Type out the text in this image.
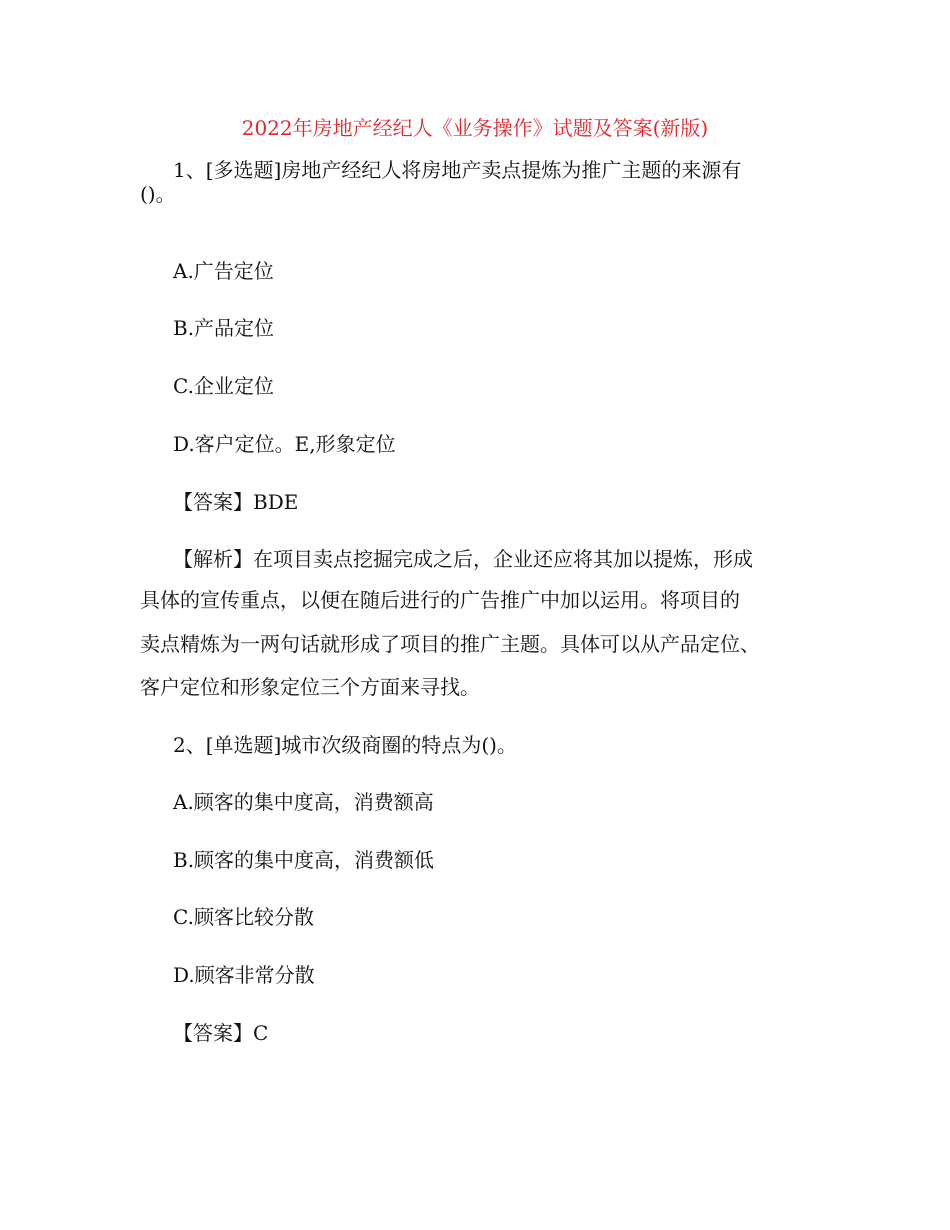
2022年房地产经纪人《业务操作》试题及答案(新版)
1、[多选题]房地产经纪人将房地产卖点提炼为推广主题的来源有
()。
A.广告定位
B.产品定位
C.企业定位
D.客户定位。E,形象定位
【答案】BDE
【解析】在项目卖点挖掘完成之后，企业还应将其加以提炼，形成
具体的宣传重点，以便在随后进行的广告推广中加以运用。将项目的
卖点精炼为一两句话就形成了项目的推广主题。具体可以从产品定位、
客户定位和形象定位三个方面来寻找。
2、[单选题]城市次级商圈的特点为()。
A.顾客的集中度高，消费额高
B.顾客的集中度高，消费额低
C.顾客比较分散
D.顾客非常分散
【答案】C
